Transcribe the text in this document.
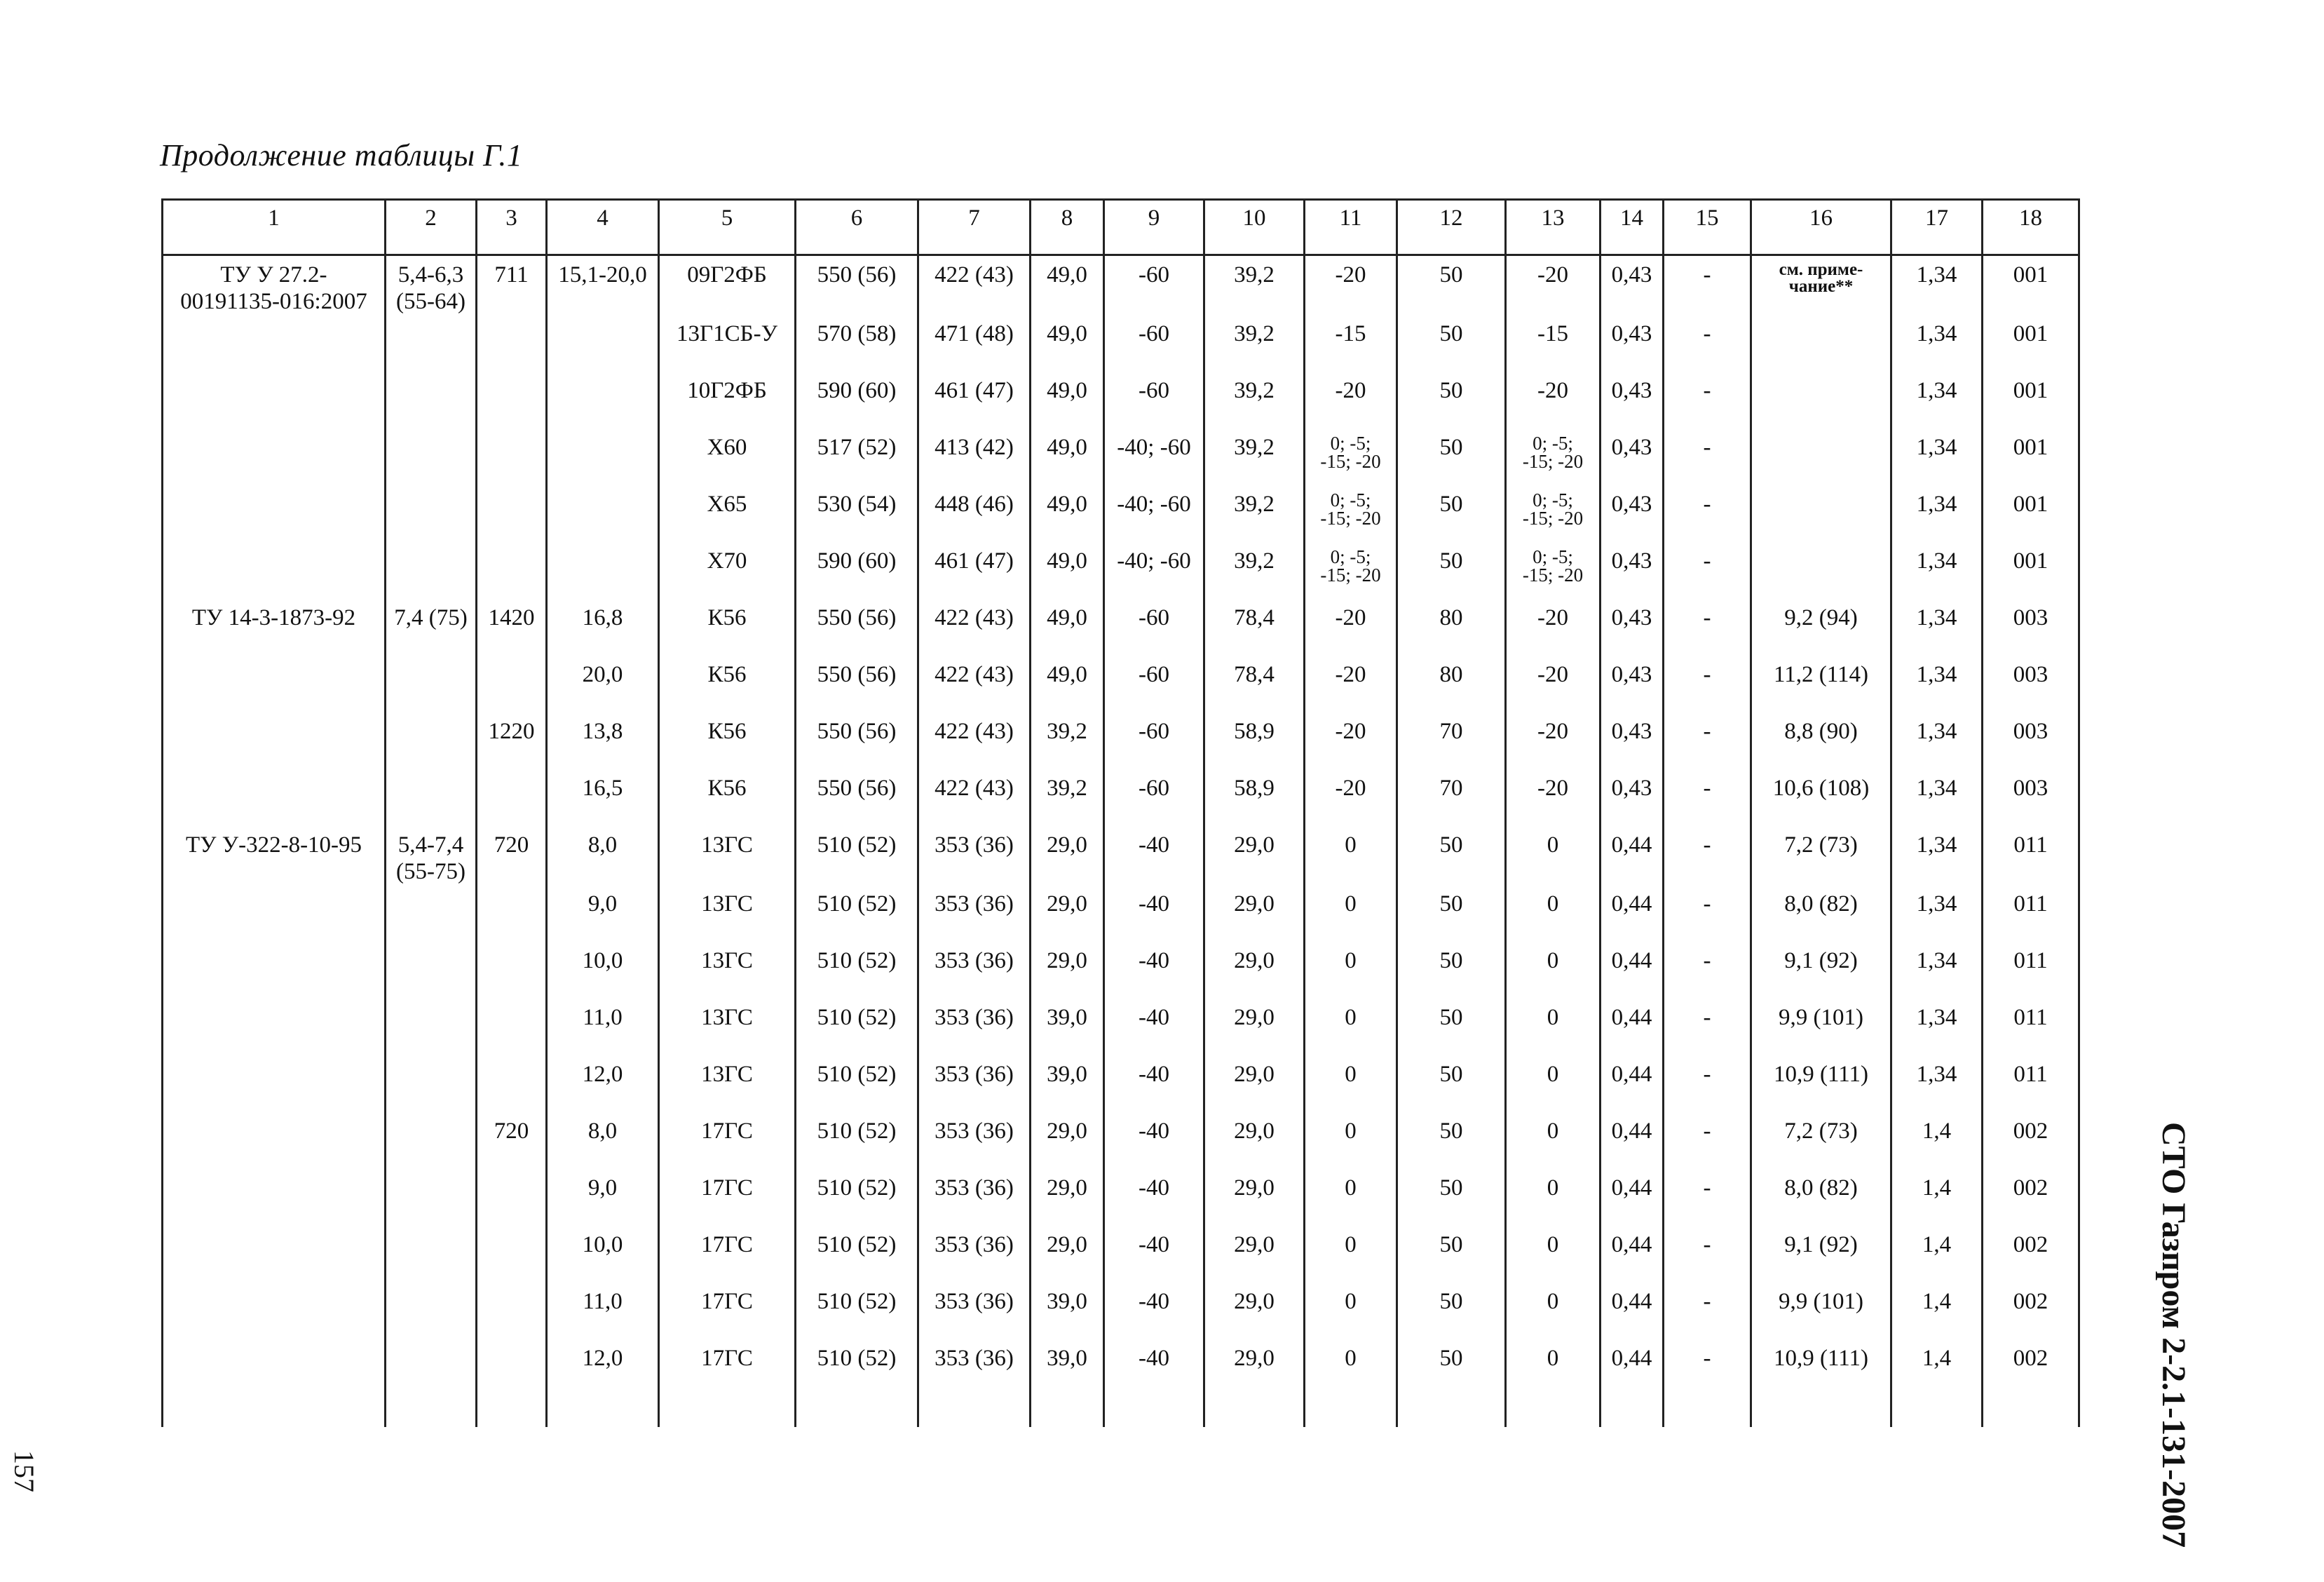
Продолжение таблицы Г.1
1	2	3	4	5	6	7	8	9	10	11	12	13	14	15	16	17	18
ТУ У 27.2-
00191135-016:2007	5,4-6,3
(55-64)	711	15,1-20,0	09Г2ФБ	550 (56)	422 (43)	49,0	-60	39,2	-20	50	-20	0,43	-	см. приме-
чание**	1,34	001
				13Г1СБ-У	570 (58)	471 (48)	49,0	-60	39,2	-15	50	-15	0,43	-		1,34	001
				10Г2ФБ	590 (60)	461 (47)	49,0	-60	39,2	-20	50	-20	0,43	-		1,34	001
				Х60	517 (52)	413 (42)	49,0	-40; -60	39,2	0; -5;
-15; -20	50	0; -5;
-15; -20	0,43	-		1,34	001
				Х65	530 (54)	448 (46)	49,0	-40; -60	39,2	0; -5;
-15; -20	50	0; -5;
-15; -20	0,43	-		1,34	001
				Х70	590 (60)	461 (47)	49,0	-40; -60	39,2	0; -5;
-15; -20	50	0; -5;
-15; -20	0,43	-		1,34	001
ТУ 14-3-1873-92	7,4 (75)	1420	16,8	К56	550 (56)	422 (43)	49,0	-60	78,4	-20	80	-20	0,43	-	9,2 (94)	1,34	003
			20,0	К56	550 (56)	422 (43)	49,0	-60	78,4	-20	80	-20	0,43	-	11,2 (114)	1,34	003
		1220	13,8	К56	550 (56)	422 (43)	39,2	-60	58,9	-20	70	-20	0,43	-	8,8 (90)	1,34	003
			16,5	К56	550 (56)	422 (43)	39,2	-60	58,9	-20	70	-20	0,43	-	10,6 (108)	1,34	003
ТУ У-322-8-10-95	5,4-7,4
(55-75)	720	8,0	13ГС	510 (52)	353 (36)	29,0	-40	29,0	0	50	0	0,44	-	7,2 (73)	1,34	011
			9,0	13ГС	510 (52)	353 (36)	29,0	-40	29,0	0	50	0	0,44	-	8,0 (82)	1,34	011
			10,0	13ГС	510 (52)	353 (36)	29,0	-40	29,0	0	50	0	0,44	-	9,1 (92)	1,34	011
			11,0	13ГС	510 (52)	353 (36)	39,0	-40	29,0	0	50	0	0,44	-	9,9 (101)	1,34	011
			12,0	13ГС	510 (52)	353 (36)	39,0	-40	29,0	0	50	0	0,44	-	10,9 (111)	1,34	011
		720	8,0	17ГС	510 (52)	353 (36)	29,0	-40	29,0	0	50	0	0,44	-	7,2 (73)	1,4	002
			9,0	17ГС	510 (52)	353 (36)	29,0	-40	29,0	0	50	0	0,44	-	8,0 (82)	1,4	002
			10,0	17ГС	510 (52)	353 (36)	29,0	-40	29,0	0	50	0	0,44	-	9,1 (92)	1,4	002
			11,0	17ГС	510 (52)	353 (36)	39,0	-40	29,0	0	50	0	0,44	-	9,9 (101)	1,4	002
			12,0	17ГС	510 (52)	353 (36)	39,0	-40	29,0	0	50	0	0,44	-	10,9 (111)	1,4	002	СТО Газпром 2-2.1-131-2007
157
